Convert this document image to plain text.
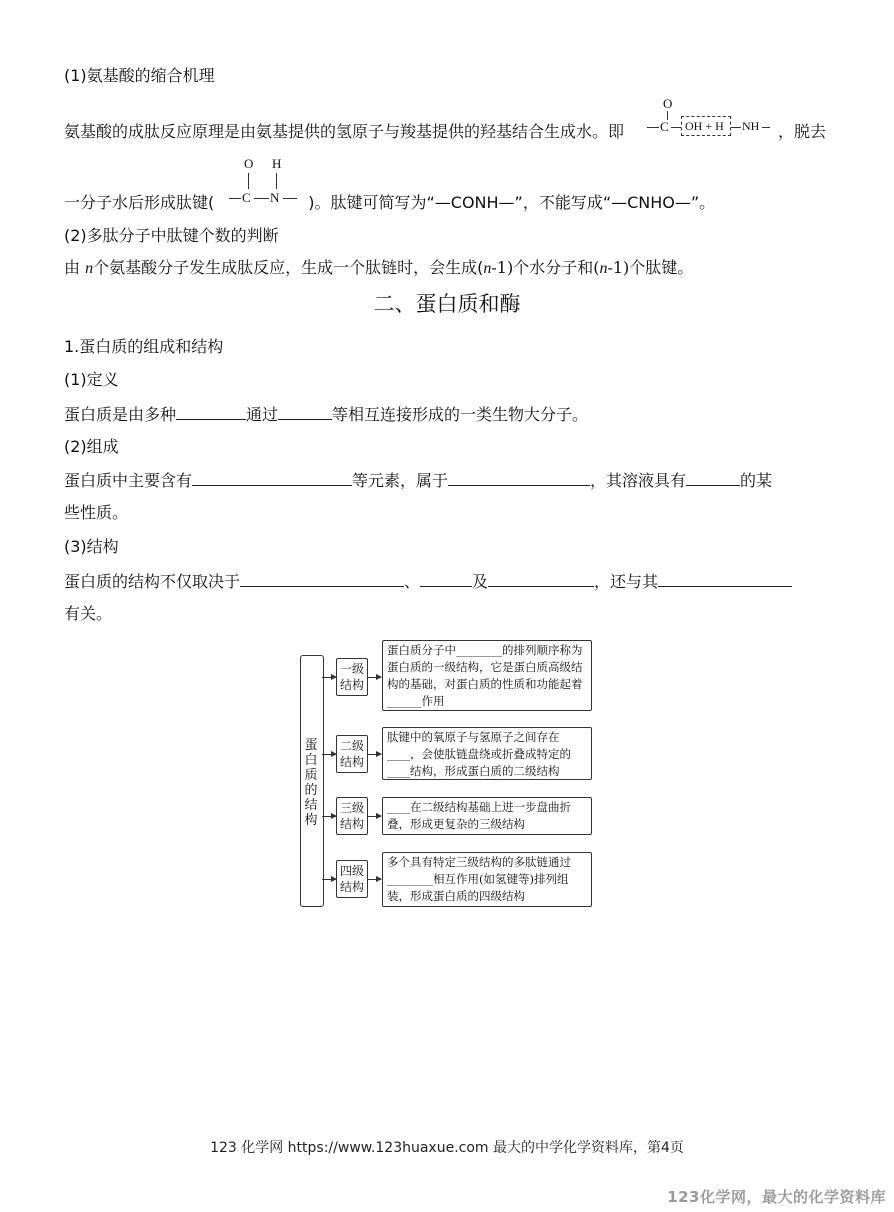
(1)氨基酸的缩合机理
氨基酸的成肽反应原理是由氨基提供的氢原子与羧基提供的羟基结合生成水。即
O
C OH + H NH ，脱去
一分子水后形成肽键(	)。肽键可简写为“—CONH—”，不能写成“—CNHO—”。
O H
C N
(2)多肽分子中肽键个数的判断
由 n个氨基酸分子发生成肽反应，生成一个肽链时，会生成(n-1)个水分子和(n-1)个肽键。
二、蛋白质和酶
1.蛋白质的组成和结构
(1)定义
蛋白质是由多种	通过	等相互连接形成的一类生物大分子。
(2)组成
蛋白质中主要含有	等元素，属于	，其溶液具有	的某
些性质。
(3)结构
蛋白质的结构不仅取决于	、	及	，还与其
有关。
蛋白质的结构
一级结构
蛋白质分子中________的排列顺序称为蛋白质的一级结构，它是蛋白质高级结构的基础，对蛋白质的性质和功能起着______作用
二级结构
肽键中的氧原子与氢原子之间存在____，会使肽链盘绕或折叠成特定的____结构，形成蛋白质的二级结构
三级结构
____在二级结构基础上进一步盘曲折叠，形成更复杂的三级结构
四级结构
多个具有特定三级结构的多肽链通过________相互作用(如氢键等)排列组装，形成蛋白质的四级结构
123 化学网 https://www.123huaxue.com 最大的中学化学资料库，第4页
123化学网，最大的化学资料库
